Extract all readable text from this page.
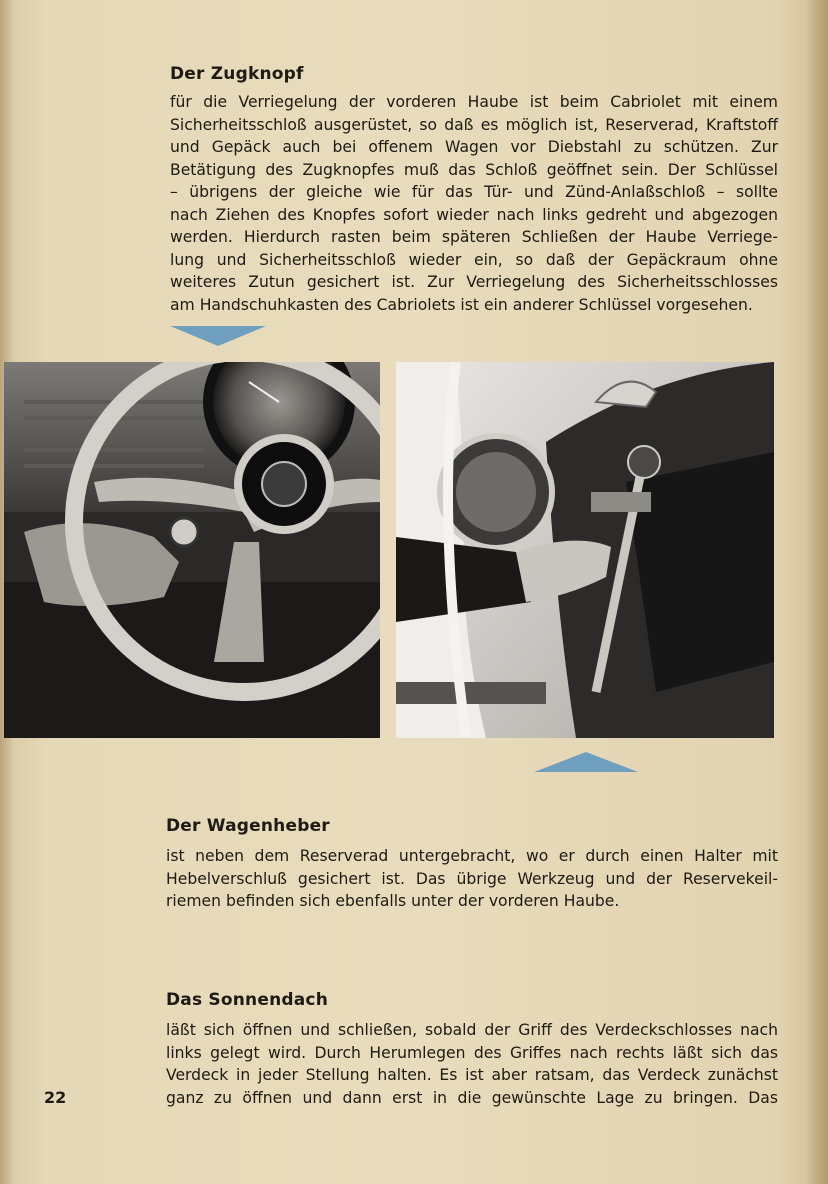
Der Zugknopf
für die Verriegelung der vorderen Haube ist beim Cabriolet mit einem
Sicherheitsschloß ausgerüstet, so daß es möglich ist, Reserverad, Kraftstoff
und Gepäck auch bei offenem Wagen vor Diebstahl zu schützen. Zur
Betätigung des Zugknopfes muß das Schloß geöffnet sein. Der Schlüssel
– übrigens der gleiche wie für das Tür- und Zünd-Anlaßschloß – sollte
nach Ziehen des Knopfes sofort wieder nach links gedreht und abgezogen
werden. Hierdurch rasten beim späteren Schließen der Haube Verriege-
lung und Sicherheitsschloß wieder ein, so daß der Gepäckraum ohne
weiteres Zutun gesichert ist. Zur Verriegelung des Sicherheitsschlosses
am Handschuhkasten des Cabriolets ist ein anderer Schlüssel vorgesehen.
Der Wagenheber
ist neben dem Reserverad untergebracht, wo er durch einen Halter mit
Hebelverschluß gesichert ist. Das übrige Werkzeug und der Reservekeil-
riemen befinden sich ebenfalls unter der vorderen Haube.
Das Sonnendach
läßt sich öffnen und schließen, sobald der Griff des Verdeckschlosses nach
links gelegt wird. Durch Herumlegen des Griffes nach rechts läßt sich das
Verdeck in jeder Stellung halten. Es ist aber ratsam, das Verdeck zunächst
ganz zu öffnen und dann erst in die gewünschte Lage zu bringen. Das
22
